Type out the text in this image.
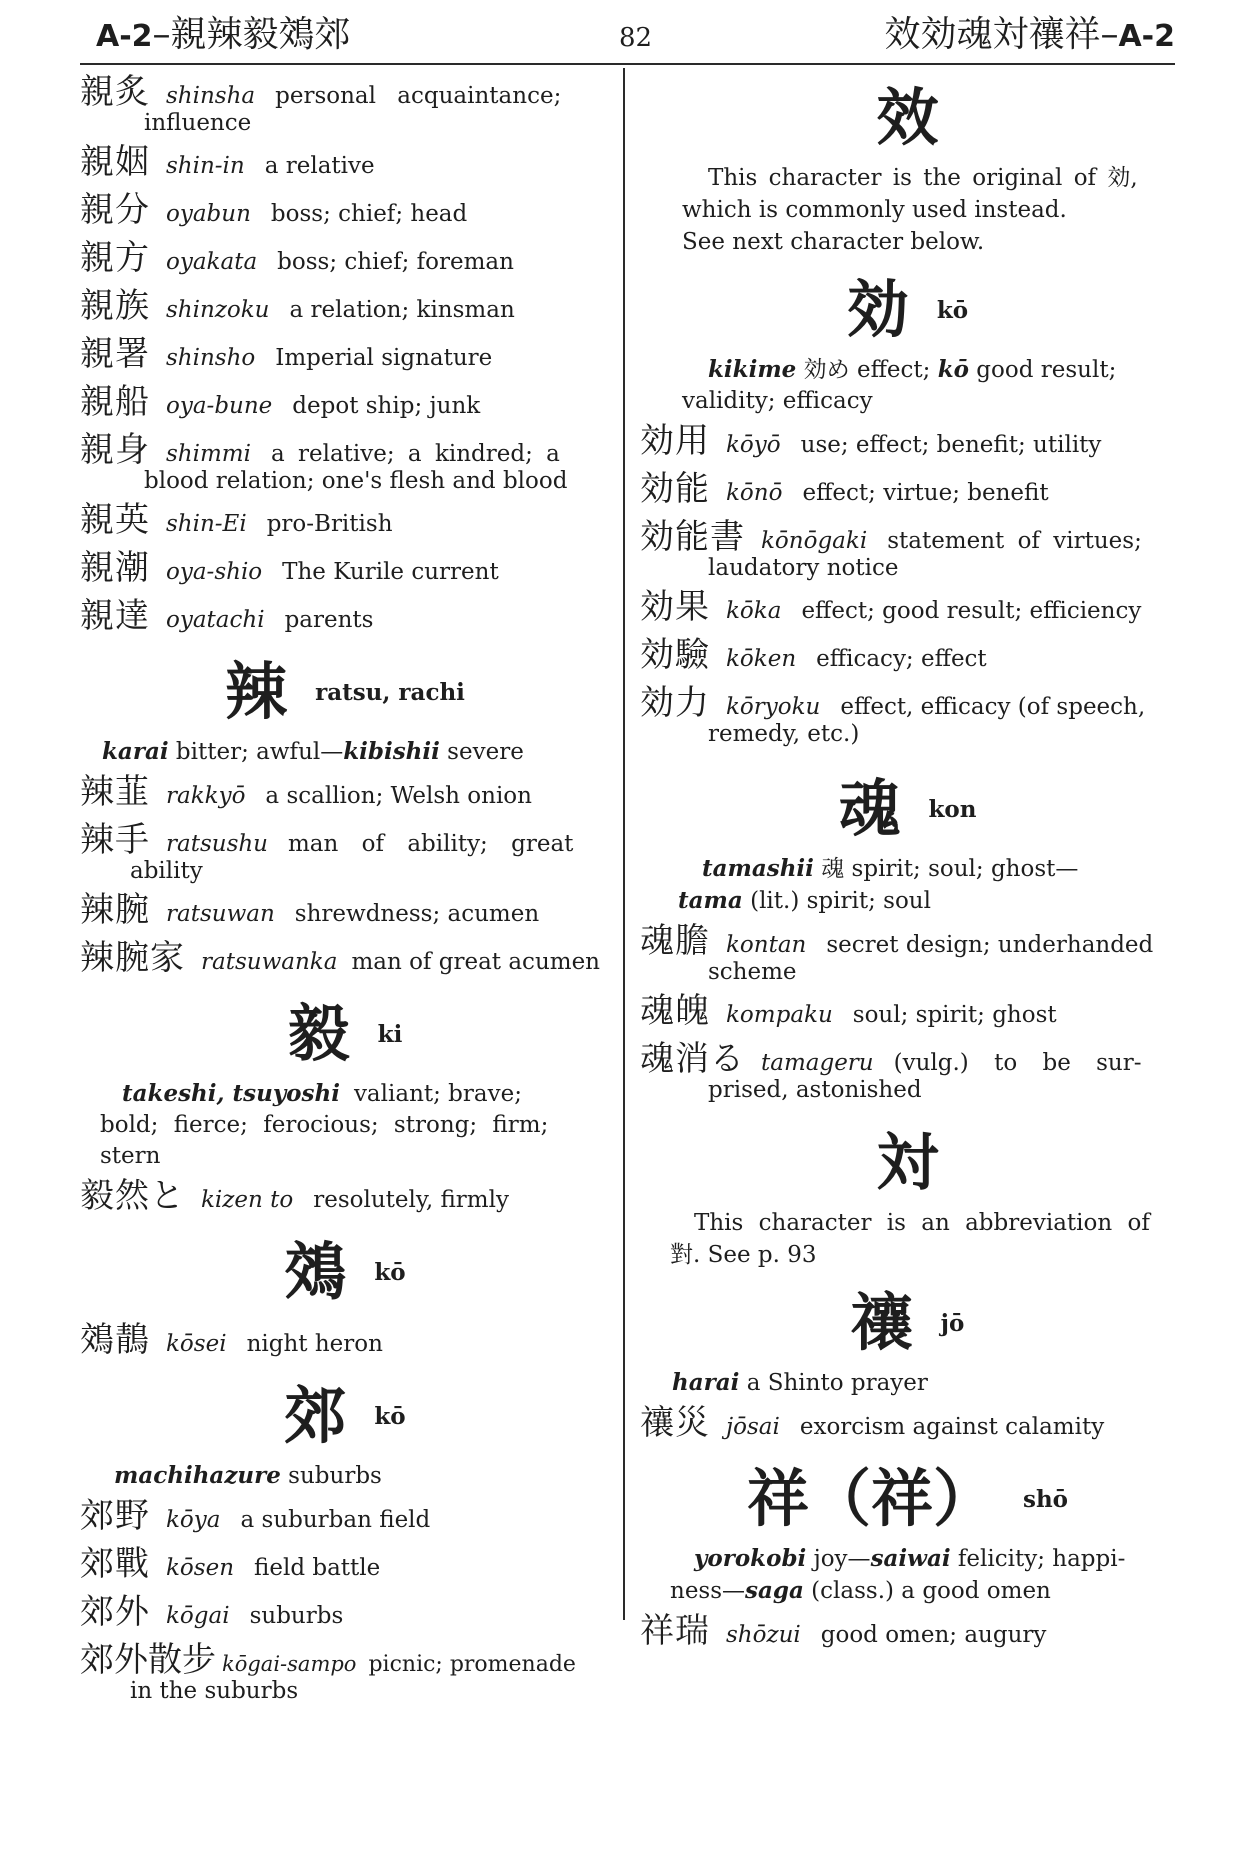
A-2–親辣毅鵁郊	82	效効魂対禳祥–A-2
親炙 shinsha personal acquaintance;
influence
親姻 shin-in a relative
親分 oyabun boss; chief; head
親方 oyakata boss; chief; foreman
親族 shinzoku a relation; kinsman
親署 shinsho Imperial signature
親船 oya-bune depot ship; junk
親身 shimmi a relative; a kindred; a
blood relation; one's flesh and blood
親英 shin-Ei pro-British
親潮 oya-shio The Kurile current
親達 oyatachi parents
辣 ratsu, rachi
karai bitter; awful—kibishii severe
辣韮 rakkyō a scallion; Welsh onion
辣手 ratsushu man of ability; great
ability
辣腕 ratsuwan shrewdness; acumen
辣腕家 ratsuwanka man of great acumen
毅 ki
takeshi, tsuyoshi valiant; brave;
bold; fierce; ferocious; strong; firm;
stern
毅然と kizen to resolutely, firmly
鵁 kō
鵁鶄 kōsei night heron
郊 kō
machihazure suburbs
郊野 kōya a suburban field
郊戰 kōsen field battle
郊外 kōgai suburbs
郊外散步 kōgai-sampo picnic; promenade
in the suburbs
效
This character is the original of 効,
which is commonly used instead.
See next character below.
効 kō
kikime 効め effect; kō good result;
validity; efficacy
効用 kōyō use; effect; benefit; utility
効能 kōnō effect; virtue; benefit
効能書 kōnōgaki statement of virtues;
laudatory notice
効果 kōka effect; good result; efficiency
効驗 kōken efficacy; effect
効力 kōryoku effect, efficacy (of speech,
remedy, etc.)
魂 kon
tamashii 魂 spirit; soul; ghost—
tama (lit.) spirit; soul
魂膽 kontan secret design; underhanded
scheme
魂魄 kompaku soul; spirit; ghost
魂消る tamageru (vulg.) to be sur-
prised, astonished
対
This character is an abbreviation of
對. See p. 93
禳 jō
harai a Shinto prayer
禳災 jōsai exorcism against calamity
祥（祥） shō
yorokobi joy—saiwai felicity; happi-
ness—saga (class.) a good omen
祥瑞 shōzui good omen; augury
